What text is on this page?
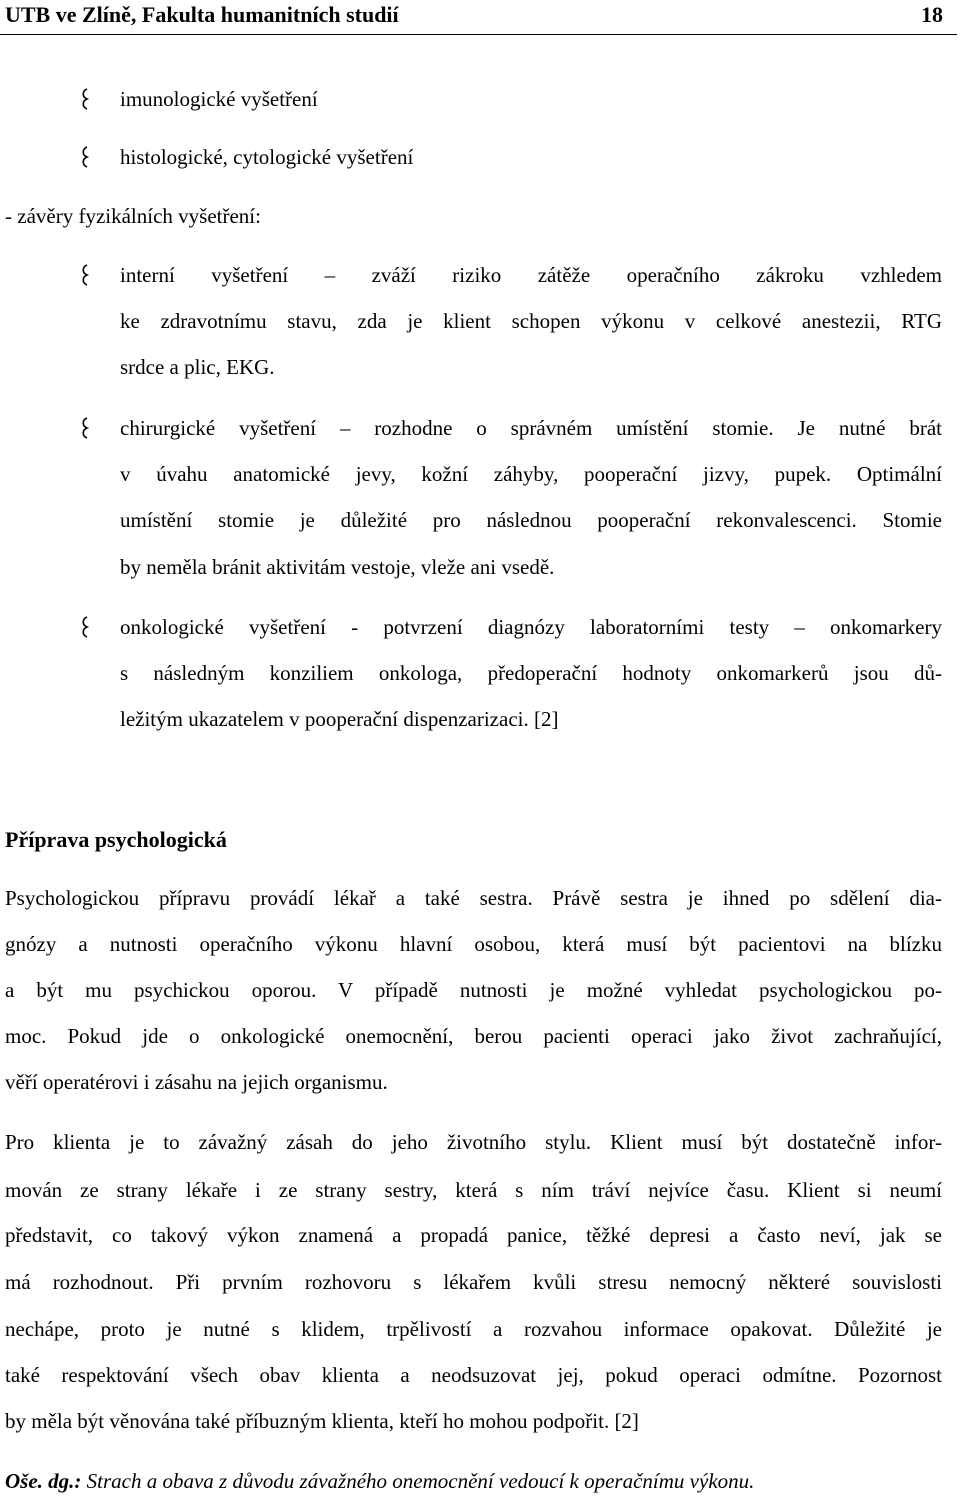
UTB ve Zlíně, Fakulta humanitních studií	18
imunologické vyšetření
histologické, cytologické vyšetření
- závěry fyzikálních vyšetření:
interní vyšetření – zváží riziko zátěže operačního zákroku vzhledem
ke zdravotnímu stavu, zda je klient schopen výkonu v celkové anestezii, RTG
srdce a plic, EKG.
chirurgické vyšetření – rozhodne o správném umístění stomie. Je nutné brát
v úvahu anatomické jevy, kožní záhyby, pooperační jizvy, pupek. Optimální
umístění stomie je důležité pro následnou pooperační rekonvalescenci. Stomie
by neměla bránit aktivitám vestoje, vleže ani vsedě.
onkologické vyšetření - potvrzení diagnózy laboratorními testy – onkomarkery
s následným konziliem onkologa, předoperační hodnoty onkomarkerů jsou dů-
ležitým ukazatelem v pooperační dispenzarizaci. [2]
Příprava psychologická
Psychologickou přípravu provádí lékař a také sestra. Právě sestra je ihned po sdělení dia-
gnózy a nutnosti operačního výkonu hlavní osobou, která musí být pacientovi na blízku
a být mu psychickou oporou. V případě nutnosti je možné vyhledat psychologickou po-
moc. Pokud jde o onkologické onemocnění, berou pacienti operaci jako život zachraňující,
věří operatérovi i zásahu na jejich organismu.
Pro klienta je to závažný zásah do jeho životního stylu. Klient musí být dostatečně infor-
mován ze strany lékaře i ze strany sestry, která s ním tráví nejvíce času. Klient si neumí
představit, co takový výkon znamená a propadá panice, těžké depresi a často neví, jak se
má rozhodnout. Při prvním rozhovoru s lékařem kvůli stresu nemocný některé souvislosti
nechápe, proto je nutné s klidem, trpělivostí a rozvahou informace opakovat. Důležité je
také respektování všech obav klienta a neodsuzovat jej, pokud operaci odmítne. Pozornost
by měla být věnována také příbuzným klienta, kteří ho mohou podpořit. [2]
Oše. dg.: Strach a obava z důvodu závažného onemocnění vedoucí k operačnímu výkonu.
